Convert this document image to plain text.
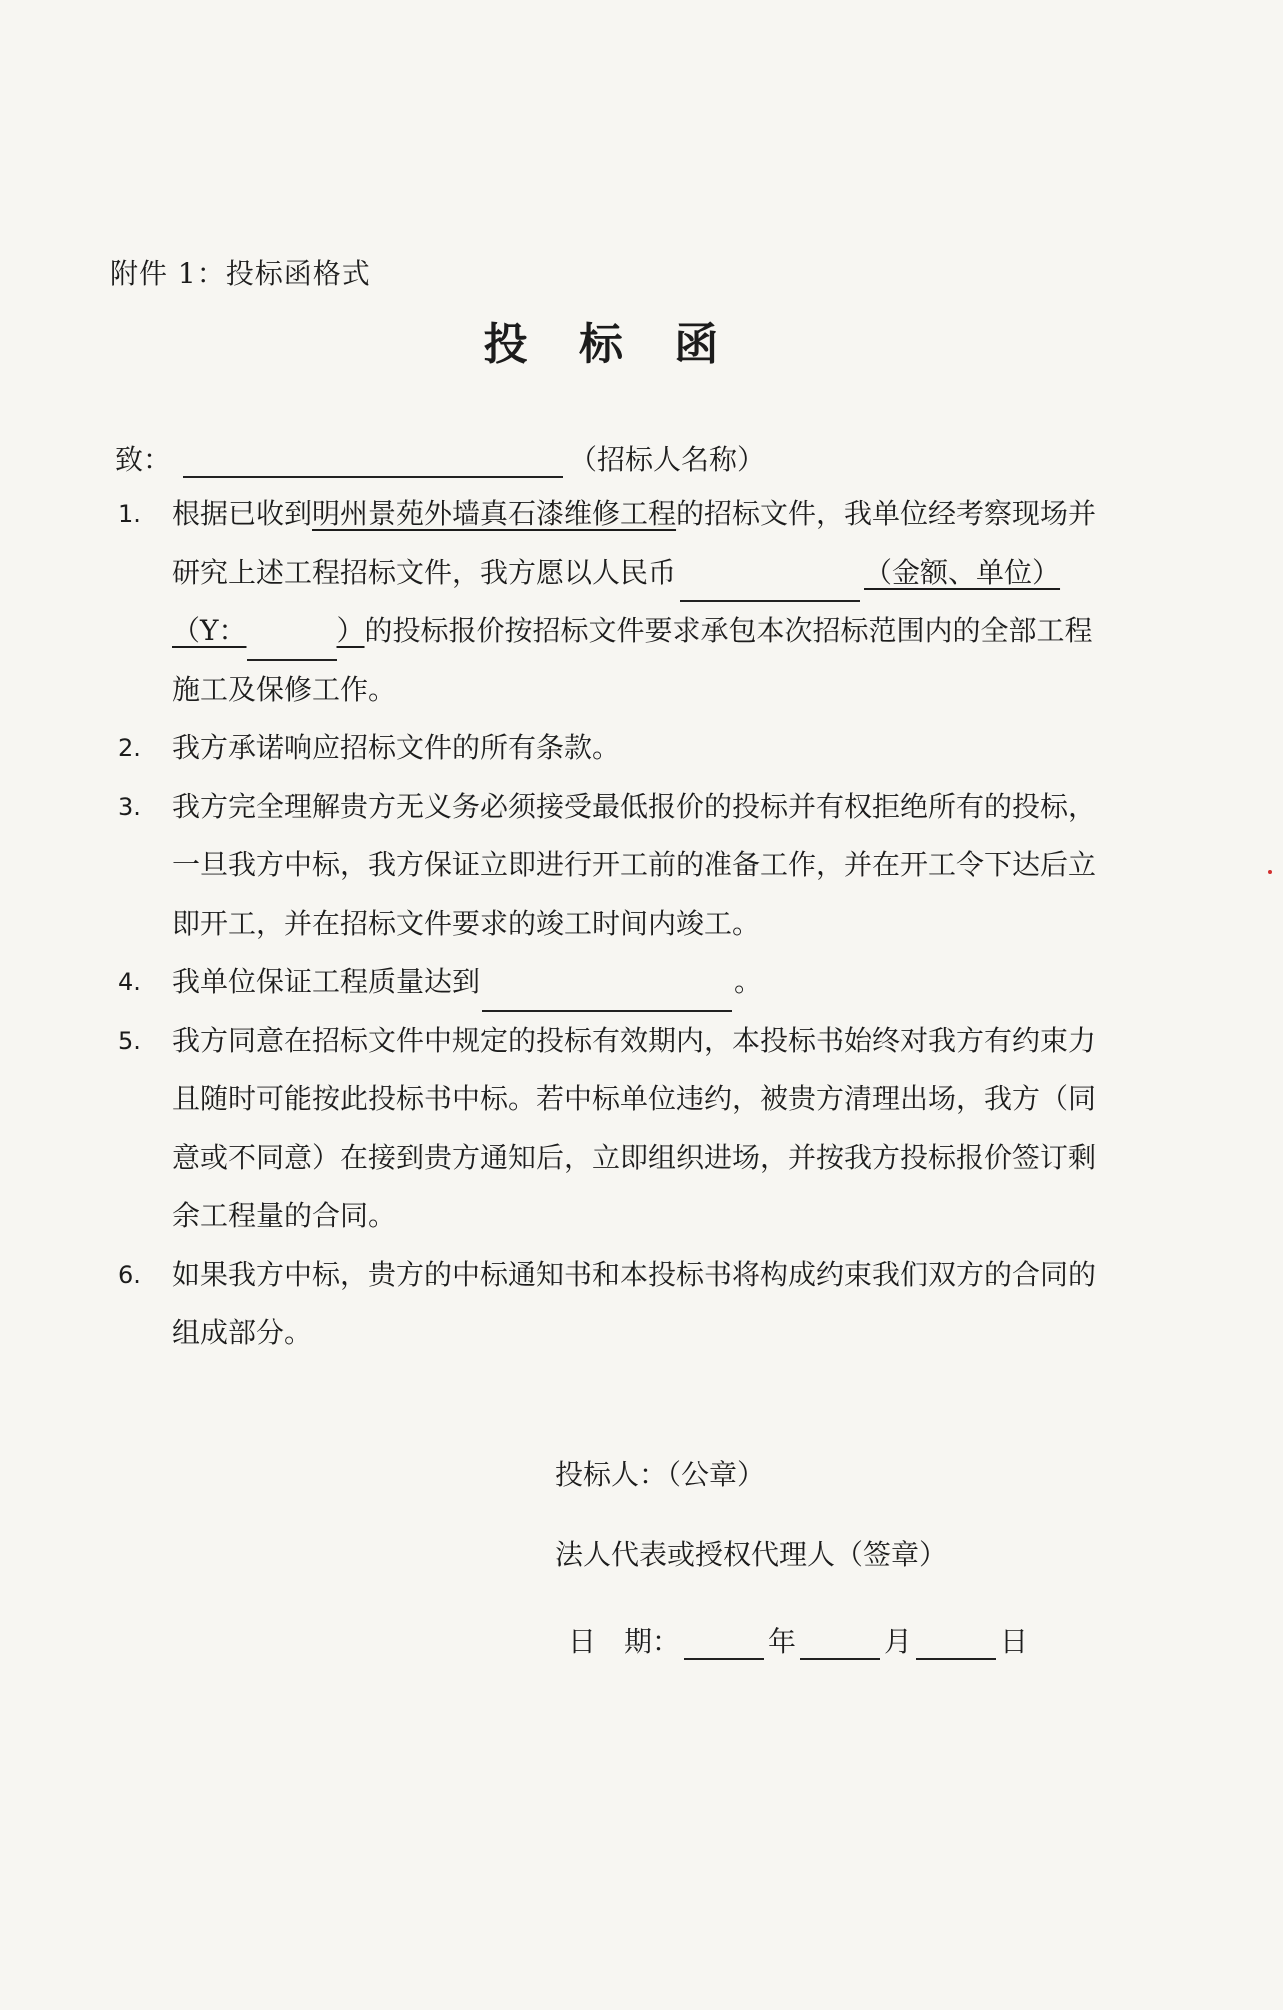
附件 1：投标函格式
投 标 函
致：	（招标人名称）
1. 根据已收到明州景苑外墙真石漆维修工程的招标文件，我单位经考察现场并研究上述工程招标文件，我方愿以人民币	（金额、单位）
（Y：	）的投标报价按招标文件要求承包本次招标范围内的全部工程施工及保修工作。
2. 我方承诺响应招标文件的所有条款。
3. 我方完全理解贵方无义务必须接受最低报价的投标并有权拒绝所有的投标，一旦我方中标，我方保证立即进行开工前的准备工作，并在开工令下达后立即开工，并在招标文件要求的竣工时间内竣工。
4. 我单位保证工程质量达到	。
5. 我方同意在招标文件中规定的投标有效期内，本投标书始终对我方有约束力且随时可能按此投标书中标。若中标单位违约，被贵方清理出场，我方（同意或不同意）在接到贵方通知后，立即组织进场，并按我方投标报价签订剩余工程量的合同。
6. 如果我方中标，贵方的中标通知书和本投标书将构成约束我们双方的合同的组成部分。
投标人：（公章）
法人代表或授权代理人（签章）
日　期：	年	月	日
